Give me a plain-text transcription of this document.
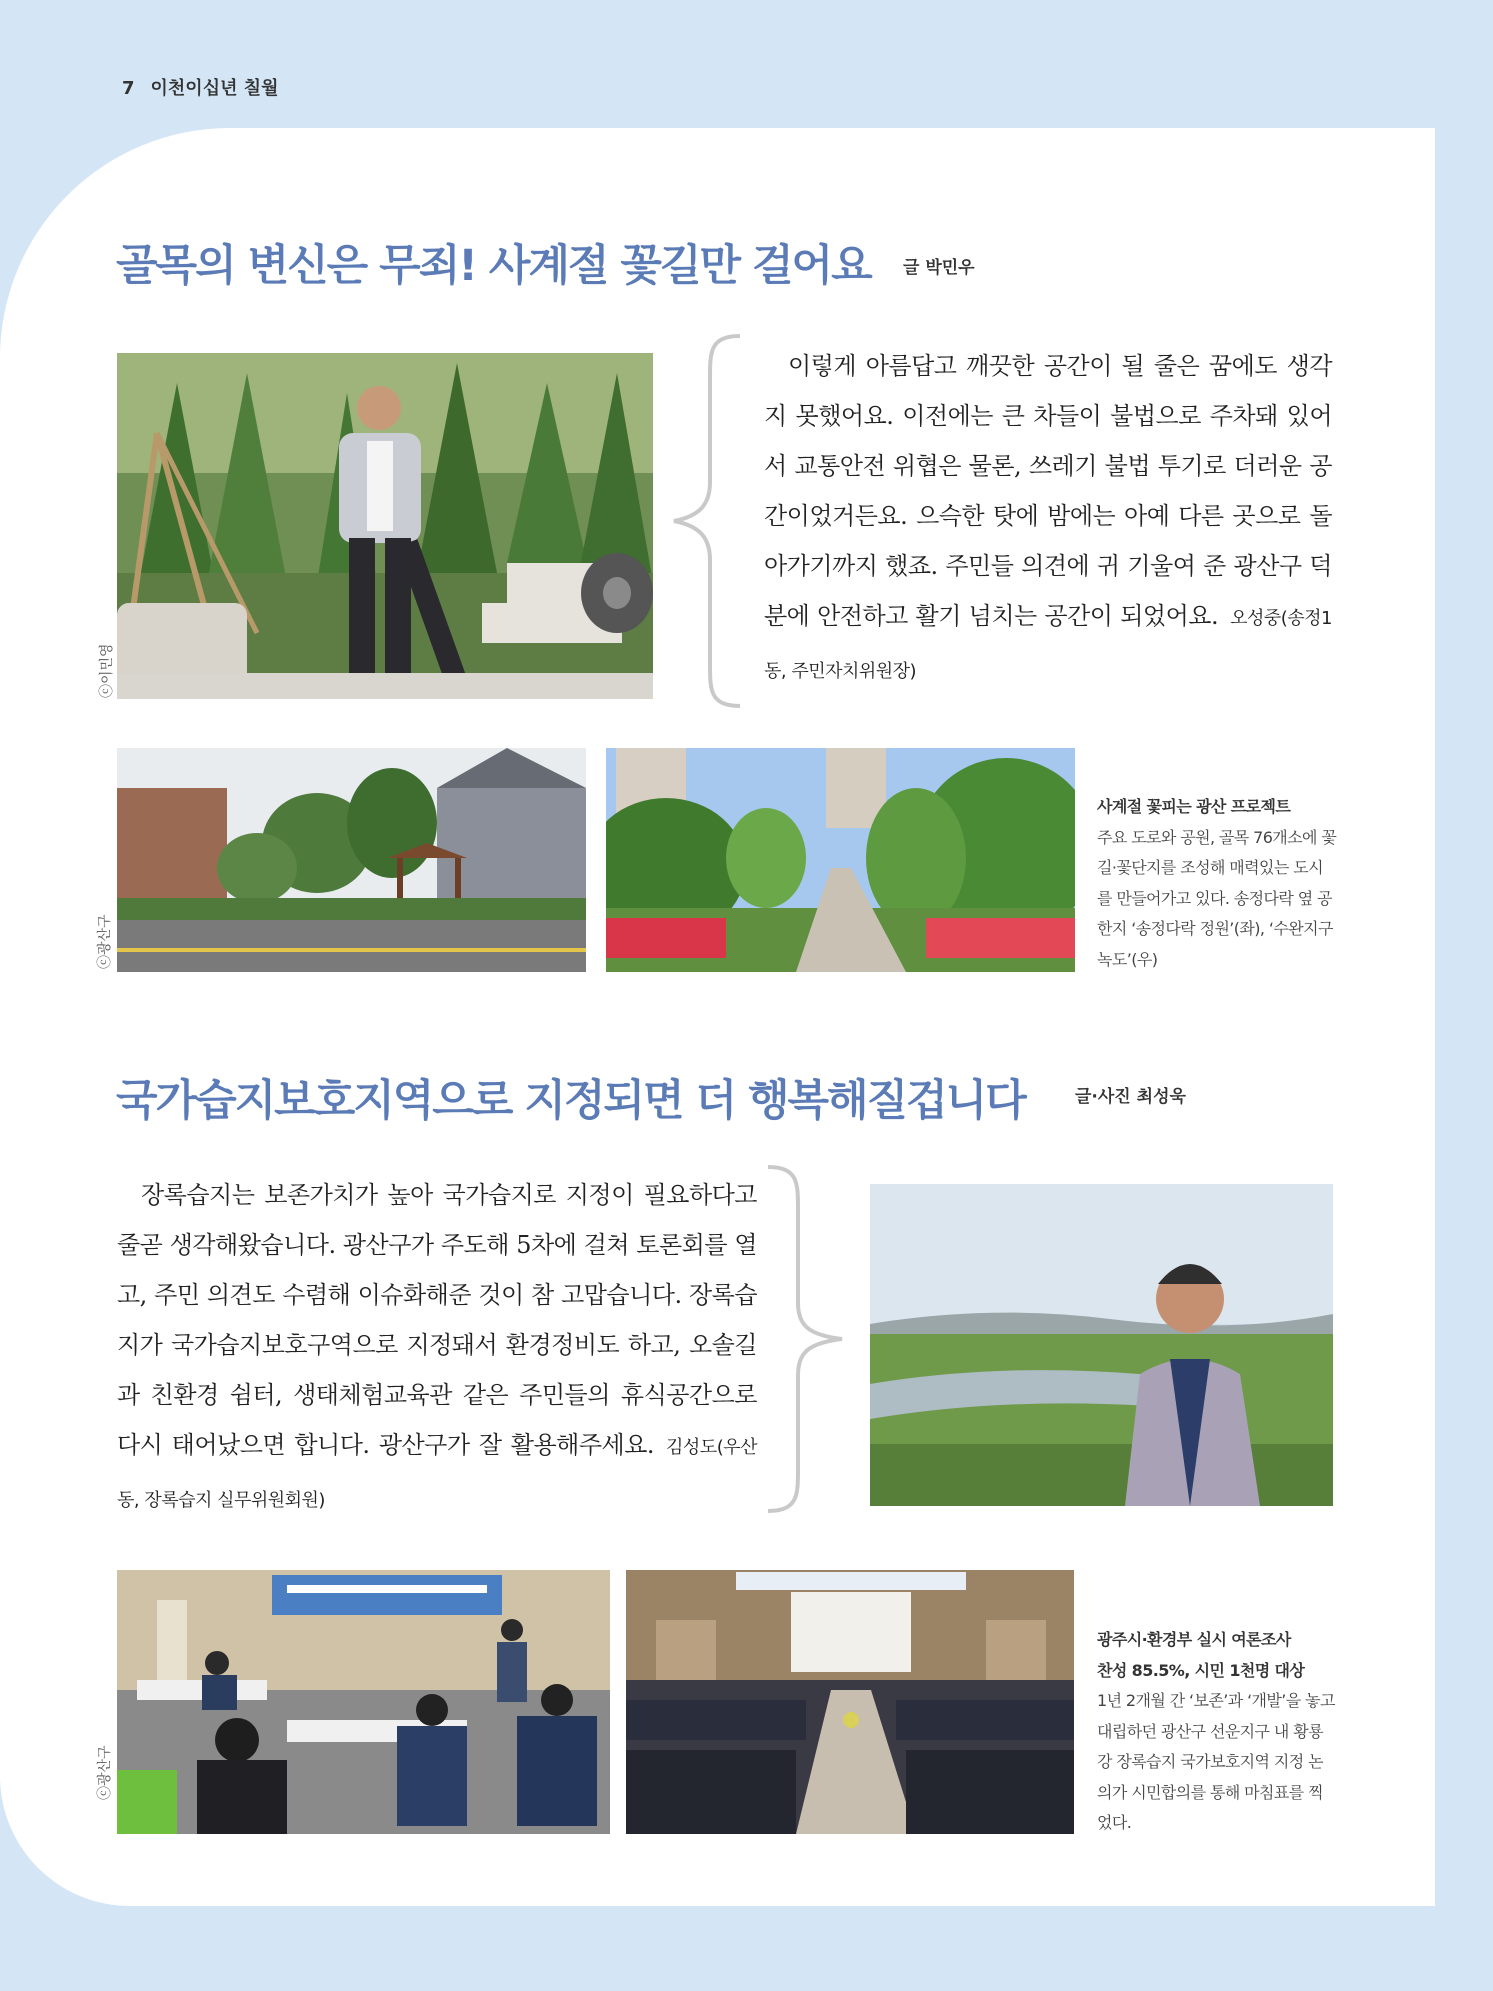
7 이천이십년 칠월
골목의 변신은 무죄! 사계절 꽃길만 걸어요 글 박민우
ⓒ이민영
이렇게 아름답고 깨끗한 공간이 될 줄은 꿈에도 생각지 못했어요. 이전에는 큰 차들이 불법으로 주차돼 있어서 교통안전 위협은 물론, 쓰레기 불법 투기로 더러운 공간이었거든요. 으슥한 탓에 밤에는 아예 다른 곳으로 돌아가기까지 했죠. 주민들 의견에 귀 기울여 준 광산구 덕분에 안전하고 활기 넘치는 공간이 되었어요. 오성중(송정1동, 주민자치위원장)
ⓒ광산구
사계절 꽃피는 광산 프로젝트
주요 도로와 공원, 골목 76개소에 꽃길·꽃단지를 조성해 매력있는 도시를 만들어가고 있다. 송정다락 옆 공한지 ‘송정다락 정원’(좌), ‘수완지구 녹도’(우)
국가습지보호지역으로 지정되면 더 행복해질겁니다	글·사진 최성욱
장록습지는 보존가치가 높아 국가습지로 지정이 필요하다고 줄곧 생각해왔습니다. 광산구가 주도해 5차에 걸쳐 토론회를 열고, 주민 의견도 수렴해 이슈화해준 것이 참 고맙습니다. 장록습지가 국가습지보호구역으로 지정돼서 환경정비도 하고, 오솔길과 친환경 쉼터, 생태체험교육관 같은 주민들의 휴식공간으로 다시 태어났으면 합니다. 광산구가 잘 활용해주세요. 김성도(우산동, 장록습지 실무위원회원)
ⓒ광산구
광주시·환경부 실시 여론조사
찬성 85.5%, 시민 1천명 대상
1년 2개월 간 ‘보존’과 ‘개발’을 놓고 대립하던 광산구 선운지구 내 황룡강 장록습지 국가보호지역 지정 논의가 시민합의를 통해 마침표를 찍었다.
